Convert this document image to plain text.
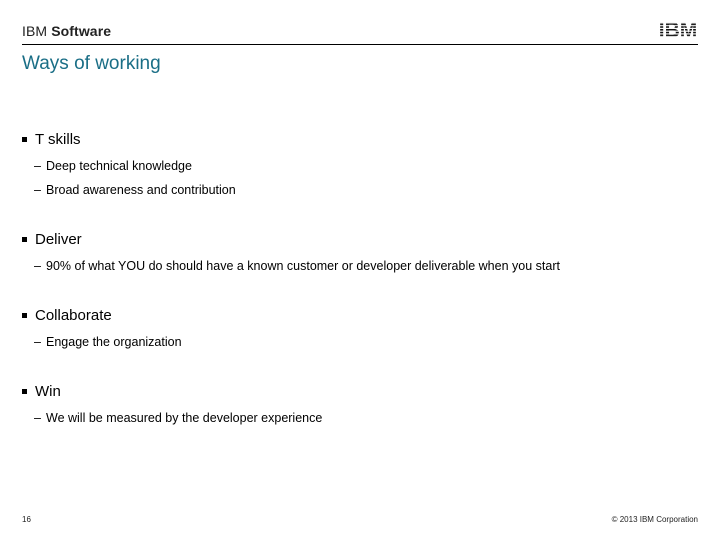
IBM Software	IBM
Ways of working
T skills
– Deep technical knowledge
– Broad awareness and contribution
Deliver
– 90% of what YOU do should have a known customer or developer deliverable when you start
Collaborate
– Engage the organization
Win
– We will be measured by the developer experience
16	© 2013 IBM Corporation
